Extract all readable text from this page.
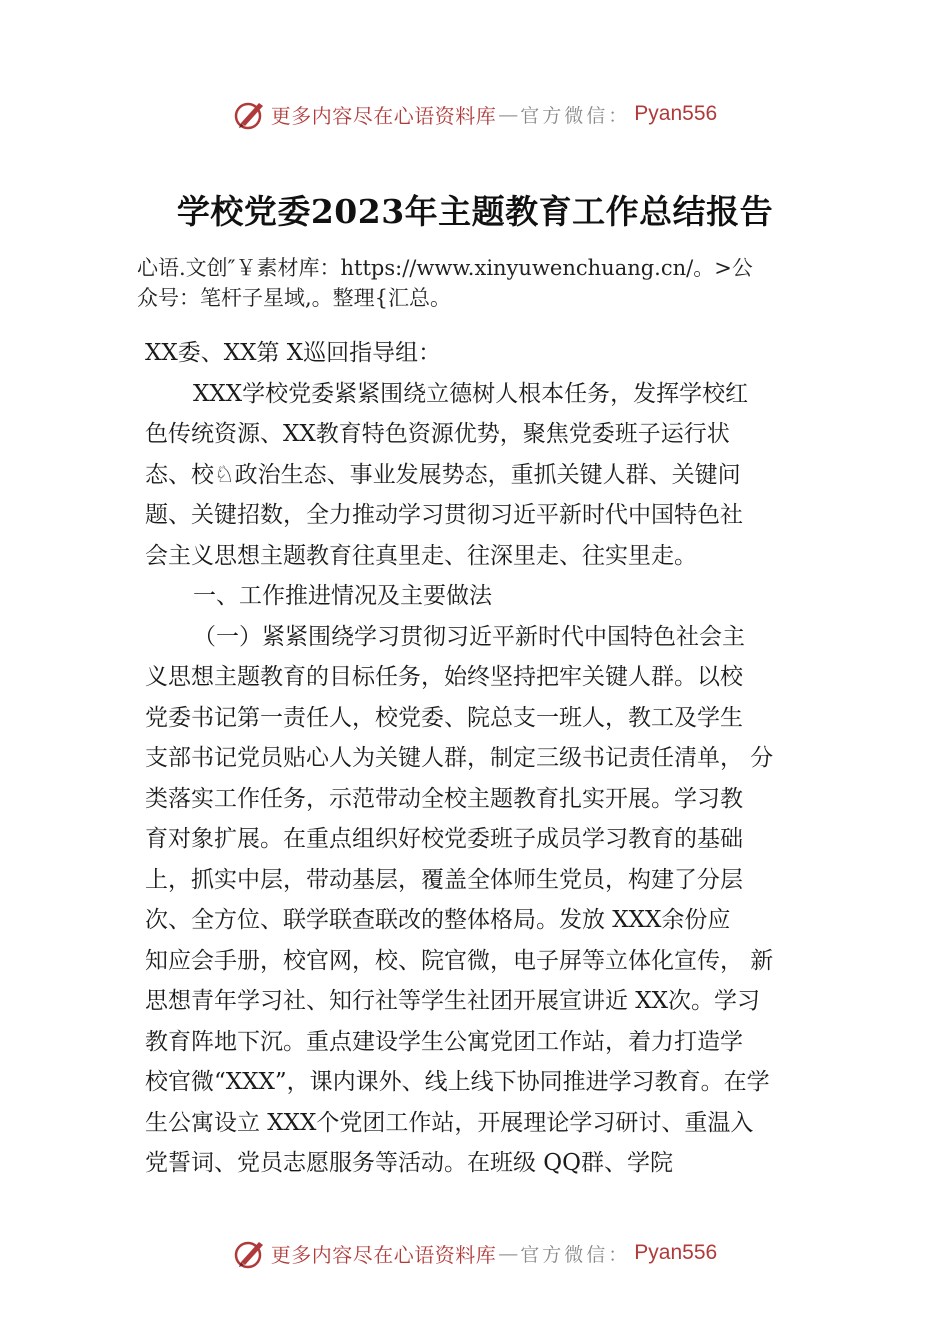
更多内容尽在心语资料库 — 官方微信： Pyan556
学校党委2023年主题教育工作总结报告
心语.文创″￥素材库：https://www.xinyuwenchuang.cn/。>公
众号：笔杆子星域,。整理{汇总。
XX委、XX第 X巡回指导组：
XXX学校党委紧紧围绕立德树人根本任务，发挥学校红
色传统资源、XX教育特色资源优势，聚焦党委班子运行状
态、校♘政治生态、事业发展势态，重抓关键人群、关键问
题、关键招数，全力推动学习贯彻习近平新时代中国特色社
会主义思想主题教育往真里走、往深里走、往实里走。
一、工作推进情况及主要做法
（一）紧紧围绕学习贯彻习近平新时代中国特色社会主
义思想主题教育的目标任务，始终坚持把牢关键人群。以校
党委书记第一责任人，校党委、院总支一班人，教工及学生
支部书记党员贴心人为关键人群，制定三级书记责任清单， 分
类落实工作任务，示范带动全校主题教育扎实开展。学习教
育对象扩展。在重点组织好校党委班子成员学习教育的基础
上，抓实中层，带动基层，覆盖全体师生党员，构建了分层
次、全方位、联学联查联改的整体格局。发放 XXX余份应
知应会手册，校官网，校、院官微，电子屏等立体化宣传， 新
思想青年学习社、知行社等学生社团开展宣讲近 XX次。学习
教育阵地下沉。重点建设学生公寓党团工作站，着力打造学
校官微“XXX”，课内课外、线上线下协同推进学习教育。在学
生公寓设立 XXX个党团工作站，开展理论学习研讨、重温入
党誓词、党员志愿服务等活动。在班级 QQ群、学院
更多内容尽在心语资料库 — 官方微信： Pyan556
